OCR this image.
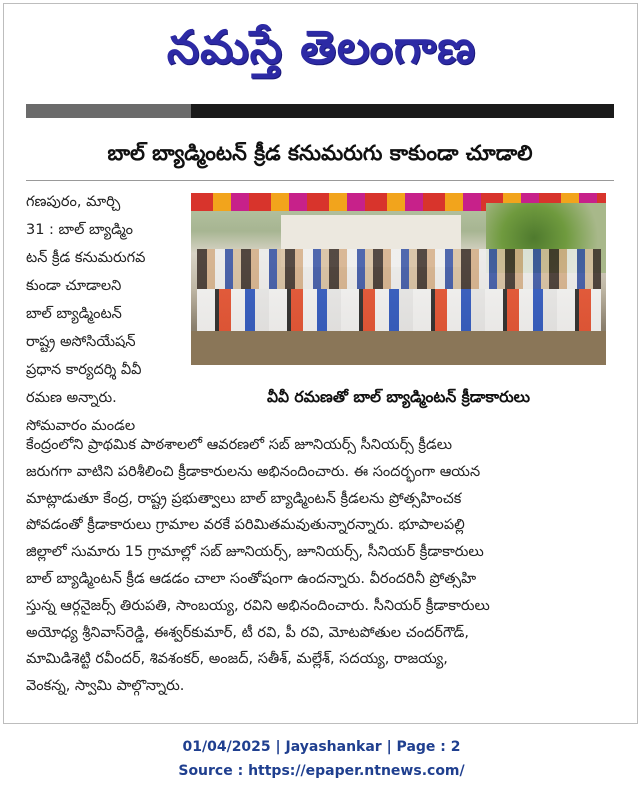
నమస్తే తెలంగాణ
బాల్ బ్యాడ్మింటన్ క్రీడ కనుమరుగు కాకుండా చూడాలి
గణపురం, మార్చి
31 : బాల్ బ్యాడ్మిం
టన్ క్రీడ కనుమరుగవ
కుండా చూడాలని
బాల్ బ్యాడ్మింటన్
రాష్ట్ర అసోసియేషన్
ప్రధాన కార్యదర్శి వీవీ
రమణ అన్నారు.
సోమవారం మండల
వీవీ రమణతో బాల్ బ్యాడ్మింటన్ క్రీడాకారులు
కేంద్రంలోని ప్రాథమిక పాఠశాలలో ఆవరణలో సబ్ జూనియర్స్ సీనియర్స్ క్రీడలు
జరుగగా వాటిని పరిశీలించి క్రీడాకారులను అభినందించారు. ఈ సందర్భంగా ఆయన
మాట్లాడుతూ కేంద్ర, రాష్ట్ర ప్రభుత్వాలు బాల్ బ్యాడ్మింటన్ క్రీడలను ప్రోత్సహించక
పోవడంతో క్రీడాకారులు గ్రామాల వరకే పరిమితమవుతున్నారన్నారు. భూపాలపల్లి
జిల్లాలో సుమారు 15 గ్రామాల్లో సబ్ జూనియర్స్, జూనియర్స్, సీనియర్ క్రీడాకారులు
బాల్ బ్యాడ్మింటన్ క్రీడ ఆడడం చాలా సంతోషంగా ఉందన్నారు. వీరందరినీ ప్రోత్సహి
స్తున్న ఆర్గనైజర్స్ తిరుపతి, సాంబయ్య, రవిని అభినందించారు. సీనియర్ క్రీడాకారులు
అయోధ్య శ్రీనివాస్‌రెడ్డి, ఈశ్వర్‌కుమార్, టీ రవి, పీ రవి, మోటపోతుల చందర్‌గౌడ్,
మామిడిశెట్టి రవీందర్, శివశంకర్, అంజద్, సతీశ్, మల్లేశ్, సదయ్య, రాజయ్య,
వెంకన్న, స్వామి పాల్గొన్నారు.
01/04/2025 | Jayashankar | Page : 2
Source : https://epaper.ntnews.com/
